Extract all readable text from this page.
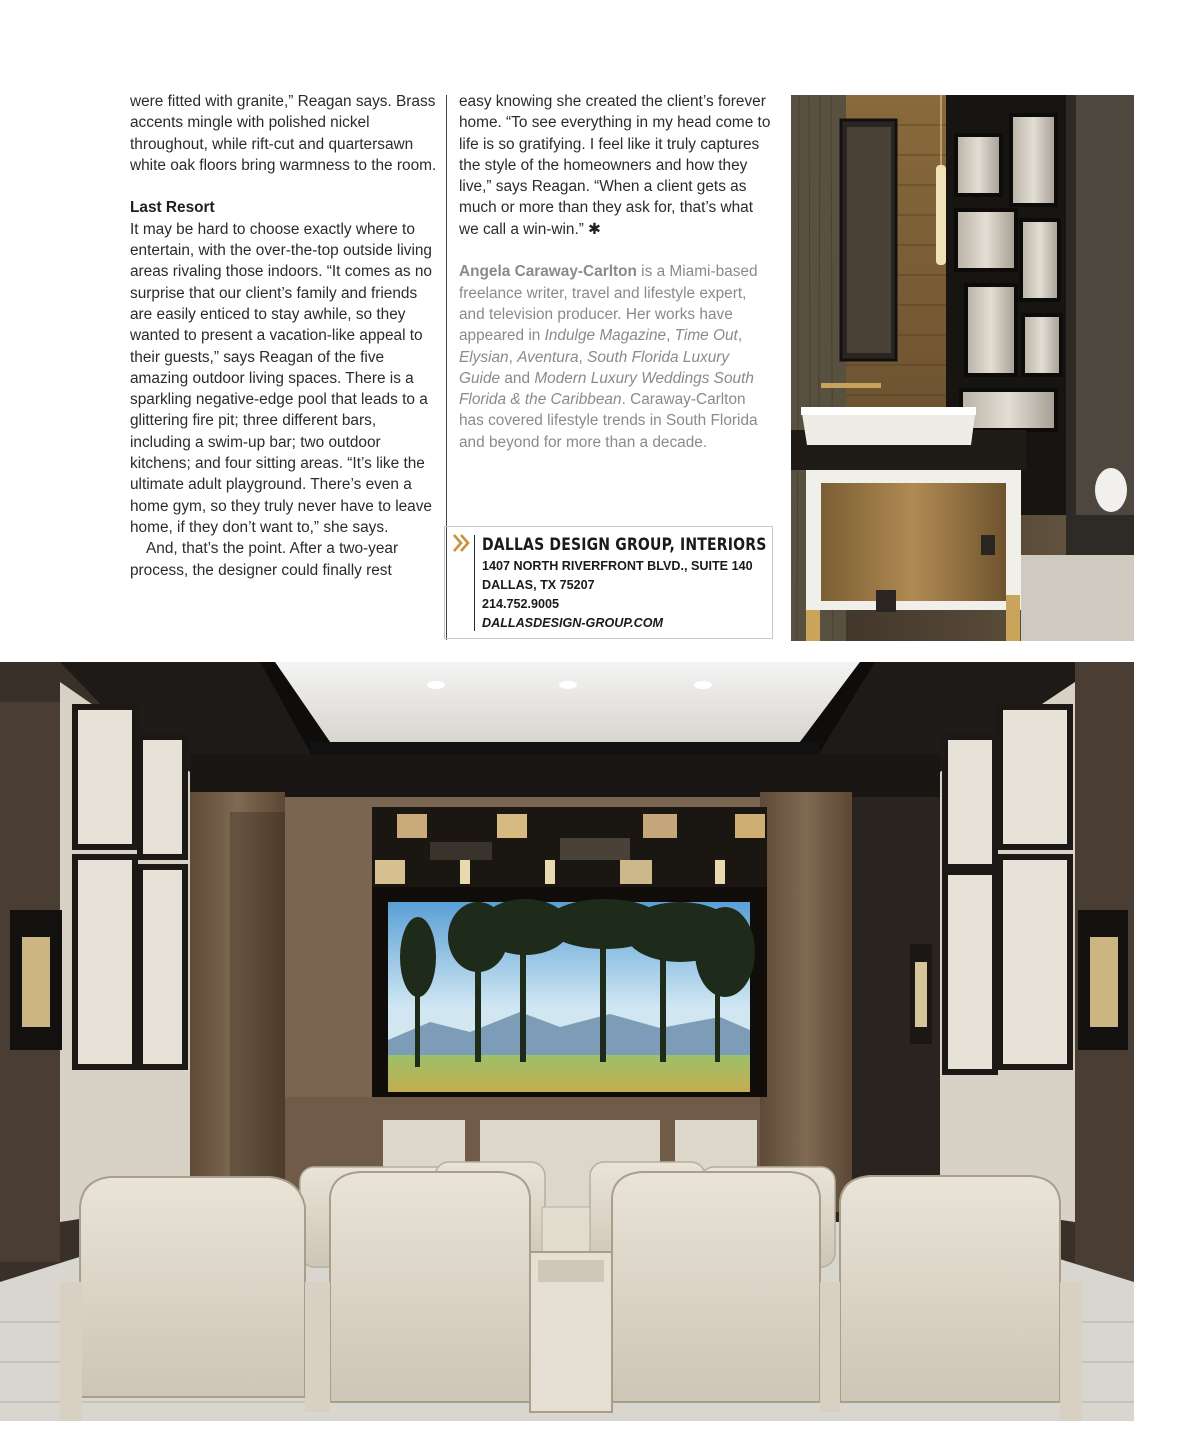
were fitted with granite,” Reagan says. Brass accents mingle with polished nickel throughout, while rift-cut and quartersawn white oak floors bring warmness to the room.

Last Resort

It may be hard to choose exactly where to entertain, with the over-the-top outside living areas rivaling those indoors. “It comes as no surprise that our client’s family and friends are easily enticed to stay awhile, so they wanted to present a vacation-like appeal to their guests,” says Reagan of the five amazing outdoor living spaces. There is a sparkling negative-edge pool that leads to a glittering fire pit; three different bars, including a swim-up bar; two outdoor kitchens; and four sitting areas. “It’s like the ultimate adult playground. There’s even a home gym, so they truly never have to leave home, if they don’t want to,” she says.

And, that’s the point. After a two-year process, the designer could finally rest

easy knowing she created the client’s forever home. “To see everything in my head come to life is so gratifying. I feel like it truly captures the style of the homeowners and how they live,” says Reagan. “When a client gets as much or more than they ask for, that’s what we call a win-win.” ✱

Angela Caraway-Carlton is a Miami-based freelance writer, travel and lifestyle expert, and television producer. Her works have appeared in Indulge Magazine, Time Out, Elysian, Aventura, South Florida Luxury Guide and Modern Luxury Weddings South Florida & the Caribbean. Caraway-Carlton has covered lifestyle trends in South Florida and beyond for more than a decade.

DALLAS DESIGN GROUP, INTERIORS
1407 NORTH RIVERFRONT BLVD., SUITE 140
DALLAS, TX 75207
214.752.9005
DALLASDESIGN-GROUP.COM
